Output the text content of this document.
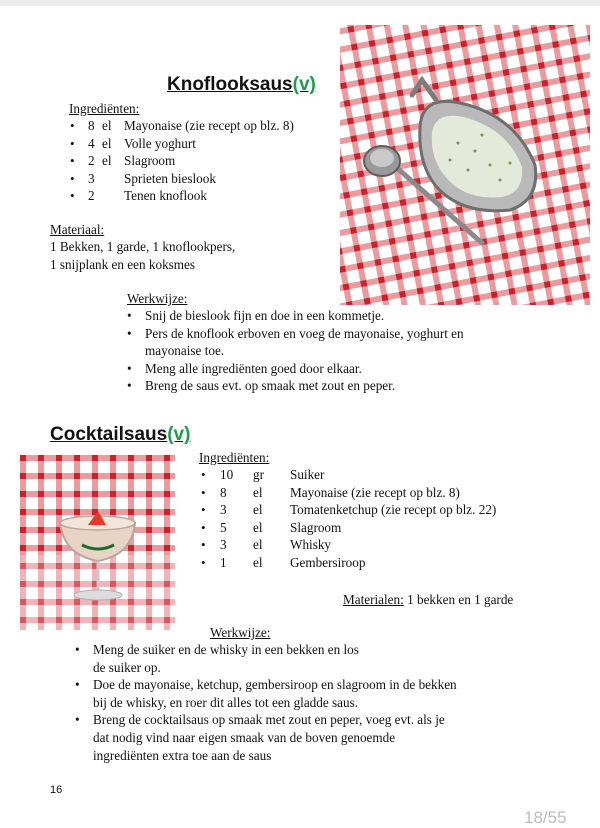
Knoflooksaus(v)
Ingrediënten:
• 8 el Mayonaise (zie recept op blz. 8)
• 4 el Volle yoghurt
• 2 el Slagroom
• 3 Sprieten bieslook
• 2 Tenen knoflook
Materiaal:
1 Bekken, 1 garde, 1 knoflookpers,
1 snijplank en een koksmes
Werkwijze:
• Snij de bieslook fijn en doe in een kommetje.
• Pers de knoflook erboven en voeg de mayonaise, yoghurt en
mayonaise toe.
• Meng alle ingrediënten goed door elkaar.
• Breng de saus evt. op smaak met zout en peper.
Cocktailsaus(v)
Ingrediënten:
• 10 gr Suiker
• 8 el Mayonaise (zie recept op blz. 8)
• 3 el Tomatenketchup (zie recept op blz. 22)
• 5 el Slagroom
• 3 el Whisky
• 1 el Gembersiroop
Materialen: 1 bekken en 1 garde
Werkwijze:
• Meng de suiker en de whisky in een bekken en los
de suiker op.
• Doe de mayonaise, ketchup, gembersiroop en slagroom in de bekken
bij de whisky, en roer dit alles tot een gladde saus.
• Breng de cocktailsaus op smaak met zout en peper, voeg evt. als je
dat nodig vind naar eigen smaak van de boven genoemde
ingrediënten extra toe aan de saus
16
18/55
